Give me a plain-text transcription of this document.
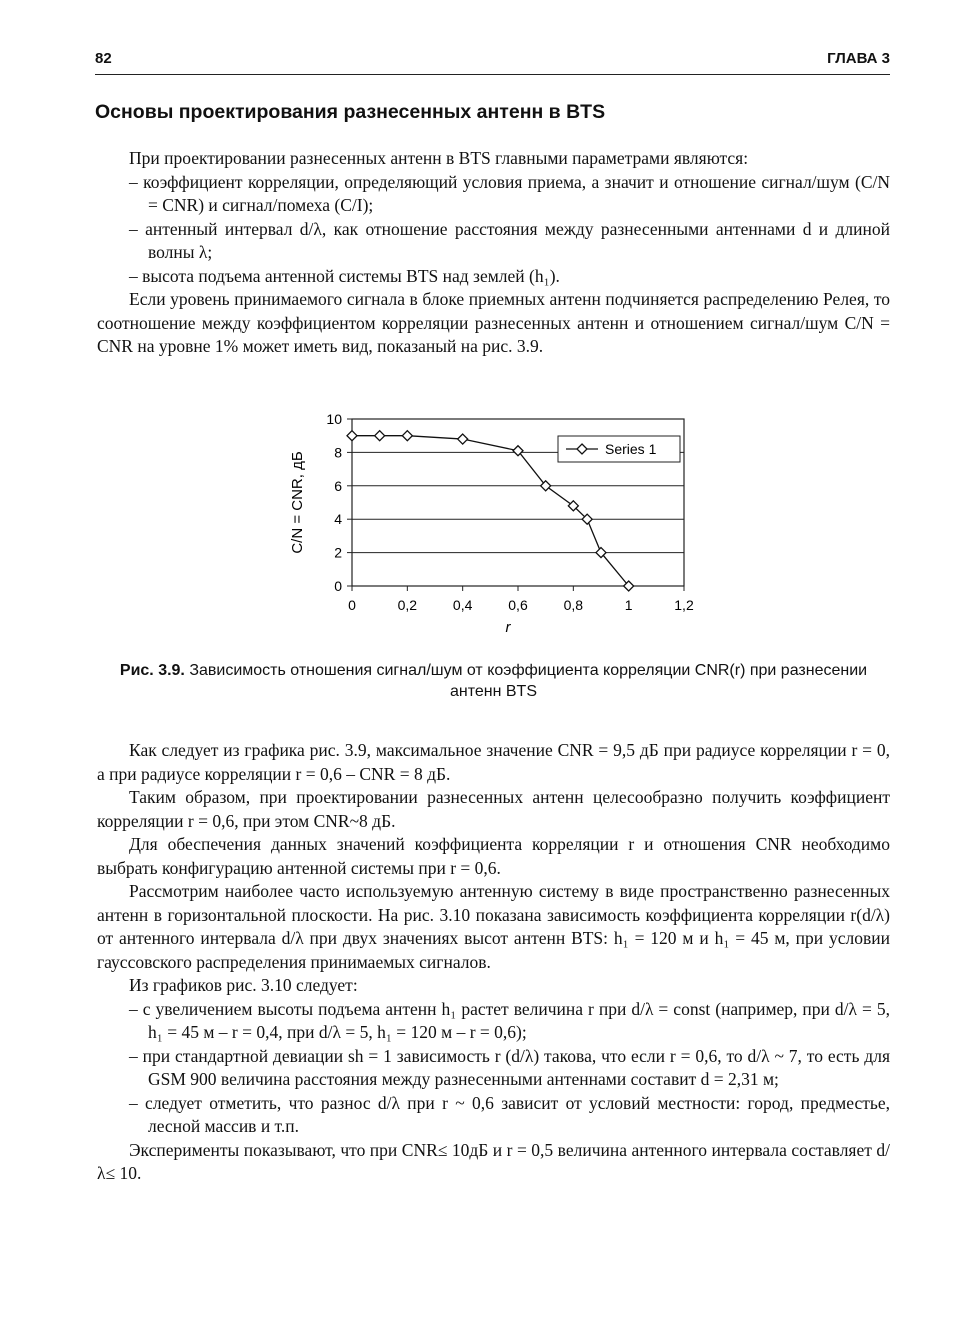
82	ГЛАВА 3
Основы проектирования разнесенных антенн в BTS

При проектировании разнесенных антенн в BTS главными параметрами являются:

– коэффициент корреляции, определяющий условия приема, а значит и отношение сигнал/шум (C/N = CNR) и сигнал/помеха (C/I);

– антенный интервал d/λ, как отношение расстояния между разнесенными антеннами d и длиной волны λ;

– высота подъема антенной системы BTS над землей (h₁).

Если уровень принимаемого сигнала в блоке приемных антенн подчиняется распределению Релея, то соотношение между коэффициентом корреляции разнесенных антенн и отношением сигнал/шум C/N = CNR на уровне 1% может иметь вид, показаный на рис. 3.9.

0
2
4
6
8
10
0	0,2	0,4	0,6	0,8	1	1,2
r
C/N = CNR, дБ
Series 1
Рис. 3.9. Зависимость отношения сигнал/шум от коэффициента корреляции CNR(r) при разнесении антенн BTS

Как следует из графика рис. 3.9, максимальное значение CNR = 9,5 дБ при радиусе корреляции r = 0, а при радиусе корреляции r = 0,6 – CNR = 8 дБ.

Таким образом, при проектировании разнесенных антенн целесообразно получить коэффициент корреляции r = 0,6, при этом CNR~8 дБ.

Для обеспечения данных значений коэффициента корреляции r и отношения CNR необходимо выбрать конфигурацию антенной системы при r = 0,6.

Рассмотрим наиболее часто используемую антенную систему в виде пространственно разнесенных антенн в горизонтальной плоскости. На рис. 3.10 показана зависимость коэффициента корреляции r(d/λ) от антенного интервала d/λ при двух значениях высот антенн BTS: h₁ = 120 м и h₁ = 45 м, при условии гауссовского распределения принимаемых сигналов.

Из графиков рис. 3.10 следует:

– с увеличением высоты подъема антенн h₁ растет величина r при d/λ = const (например, при d/λ = 5, h₁ = 45 м – r = 0,4, при d/λ = 5, h₁ = 120 м – r = 0,6);

– при стандартной девиации sh = 1 зависимость r (d/λ) такова, что если r = 0,6, то d/λ ~ 7, то есть для GSM 900 величина расстояния между разнесенными антеннами составит d = 2,31 м;

– следует отметить, что разнос d/λ при r ~ 0,6 зависит от условий местности: город, предместье, лесной массив и т.п.

Эксперименты показывают, что при CNR≤ 10дБ и r = 0,5 величина антенного интервала составляет d/λ≤ 10.
